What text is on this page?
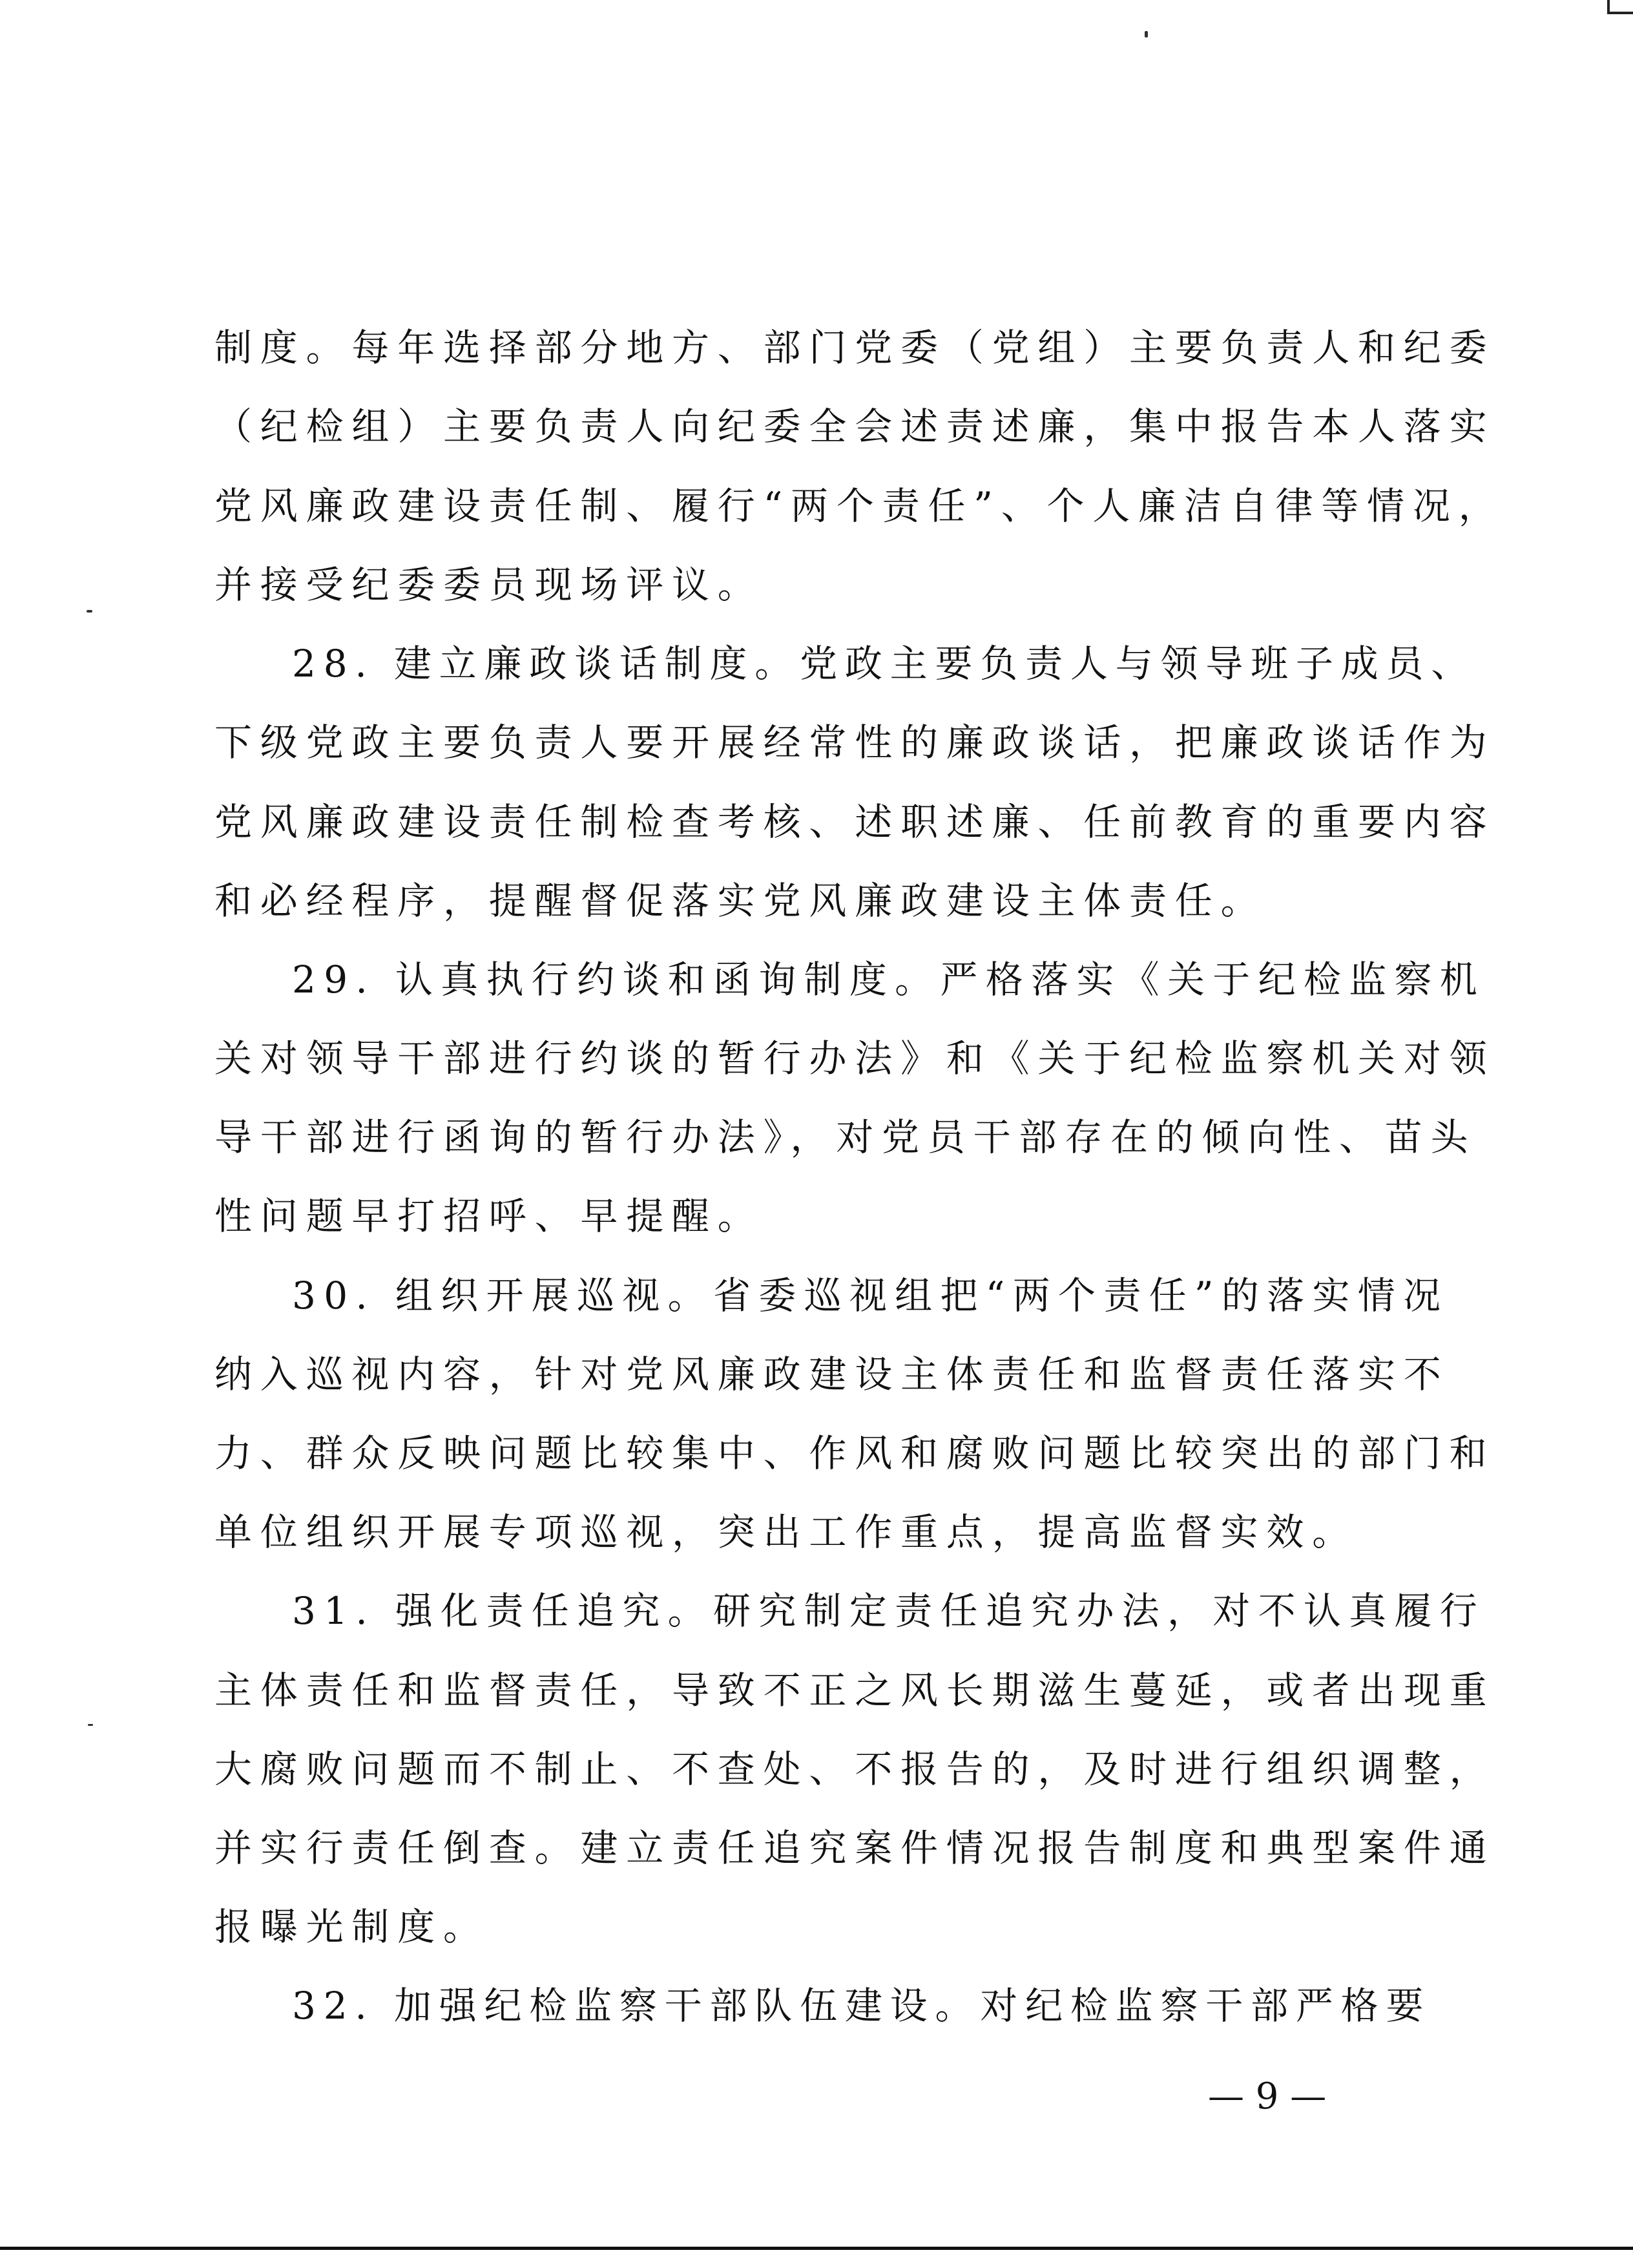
制度。每年选择部分地方、部门党委（党组）主要负责人和纪委

（纪检组）主要负责人向纪委全会述责述廉，集中报告本人落实

党风廉政建设责任制、履行“两个责任”、个人廉洁自律等情况，

并接受纪委委员现场评议。

28. 建立廉政谈话制度。党政主要负责人与领导班子成员、

下级党政主要负责人要开展经常性的廉政谈话，把廉政谈话作为

党风廉政建设责任制检查考核、述职述廉、任前教育的重要内容

和必经程序，提醒督促落实党风廉政建设主体责任。

29. 认真执行约谈和函询制度。严格落实《关于纪检监察机

关对领导干部进行约谈的暂行办法》和《关于纪检监察机关对领

导干部进行函询的暂行办法》，对党员干部存在的倾向性、苗头

性问题早打招呼、早提醒。

30. 组织开展巡视。省委巡视组把“两个责任”的落实情况

纳入巡视内容，针对党风廉政建设主体责任和监督责任落实不

力、群众反映问题比较集中、作风和腐败问题比较突出的部门和

单位组织开展专项巡视，突出工作重点，提高监督实效。

31. 强化责任追究。研究制定责任追究办法，对不认真履行

主体责任和监督责任，导致不正之风长期滋生蔓延，或者出现重

大腐败问题而不制止、不查处、不报告的，及时进行组织调整，

并实行责任倒查。建立责任追究案件情况报告制度和典型案件通

报曝光制度。

32. 加强纪检监察干部队伍建设。对纪检监察干部严格要

— 9 —
